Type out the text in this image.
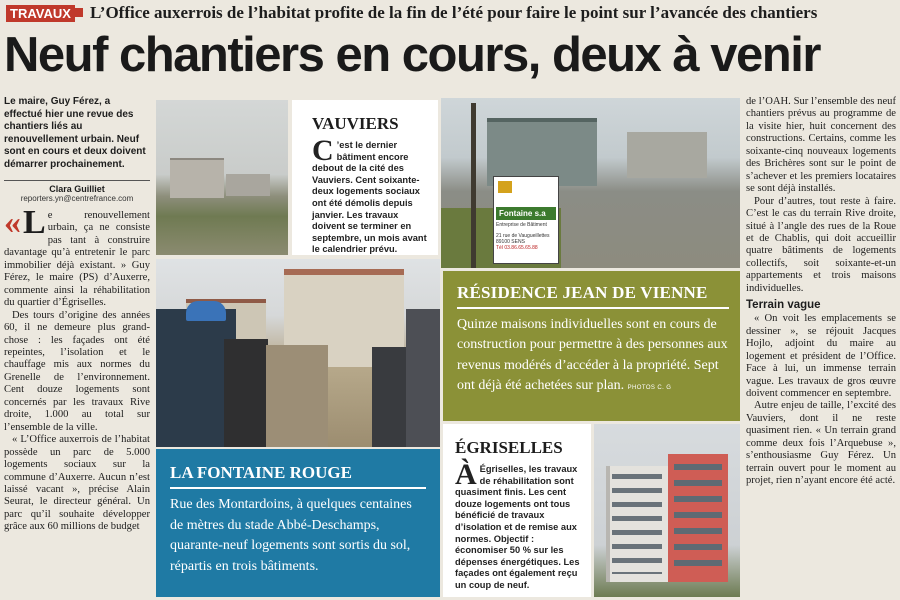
TRAVAUX L’Office auxerrois de l’habitat profite de la fin de l’été pour faire le point sur l’avancée des chantiers
Neuf chantiers en cours, deux à venir
Le maire, Guy Férez, a effectué hier une revue des chantiers liés au renouvellement urbain. Neuf sont en cours et deux doivent démarrer prochainement.
Clara Guilliet
reporters.yn@centrefrance.com

« L e renouvellement urbain, ça ne consiste pas tant à construire davantage qu’à entretenir le parc immobilier déjà existant. » Guy Férez, le maire (PS) d’Auxerre, commente ainsi la réhabilitation du quartier d’Égriselles.

Des tours d’origine des années 60, il ne demeure plus grand-chose : les façades ont été repeintes, l’isolation et le chauffage mis aux normes du Grenelle de l’environnement. Cent douze logements sont concernés par les travaux Rive droite, 1.000 au total sur l’ensemble de la ville.

« L’Office auxerrois de l’habitat possède un parc de 5.000 logements sociaux sur la commune d’Auxerre. Aucun n’est laissé vacant », précise Alain Seurat, le directeur général. Un parc qu’il souhaite développer grâce aux 60 millions de budget

VAUVIERS
C ’est le dernier bâtiment encore debout de la cité des Vauviers. Cent soixante-deux logements sociaux ont été démolis depuis janvier. Les travaux doivent se terminer en septembre, un mois avant le calendrier prévu.
Fontaine s.a
Entreprise de Bâtiment
21 rue de Vaugueillettes 89100 SENS
Tél 03.86.65.65.88
RÉSIDENCE JEAN DE VIENNE
Quinze maisons individuelles sont en cours de construction pour permettre à des personnes aux revenus modérés d’accéder à la propriété. Sept ont déjà été achetées sur plan. PHOTOS C. G
LA FONTAINE ROUGE
Rue des Montardoins, à quelques centaines de mètres du stade Abbé-Deschamps, quarante-neuf logements sont sortis du sol, répartis en trois bâtiments.
ÉGRISELLES
À Égriselles, les travaux de réhabilitation sont quasiment finis. Les cent douze logements ont tous bénéficié de travaux d’isolation et de remise aux normes. Objectif : économiser 50 % sur les dépenses énergétiques. Les façades ont également reçu un coup de neuf.

de l’OAH. Sur l’ensemble des neuf chantiers prévus au programme de la visite hier, huit concernent des constructions. Certains, comme les soixante-cinq nouveaux logements des Brichères sont sur le point de s’achever et les premiers locataires se sont déjà installés.

Pour d’autres, tout reste à faire. C’est le cas du terrain Rive droite, situé à l’angle des rues de la Roue et de Chablis, qui doit accueillir quatre bâtiments de logements collectifs, soit soixante-et-un appartements et trois maisons individuelles.

Terrain vague

« On voit les emplacements se dessiner », se réjouit Jacques Hojlo, adjoint du maire au logement et président de l’Office. Face à lui, un immense terrain vague. Les travaux de gros œuvre doivent commencer en septembre.

Autre enjeu de taille, l’excité des Vauviers, dont il ne reste quasiment rien. « Un terrain grand comme deux fois l’Arquebuse », s’enthousiasme Guy Férez. Un terrain ouvert pour le moment au projet, rien n’ayant encore été acté.
